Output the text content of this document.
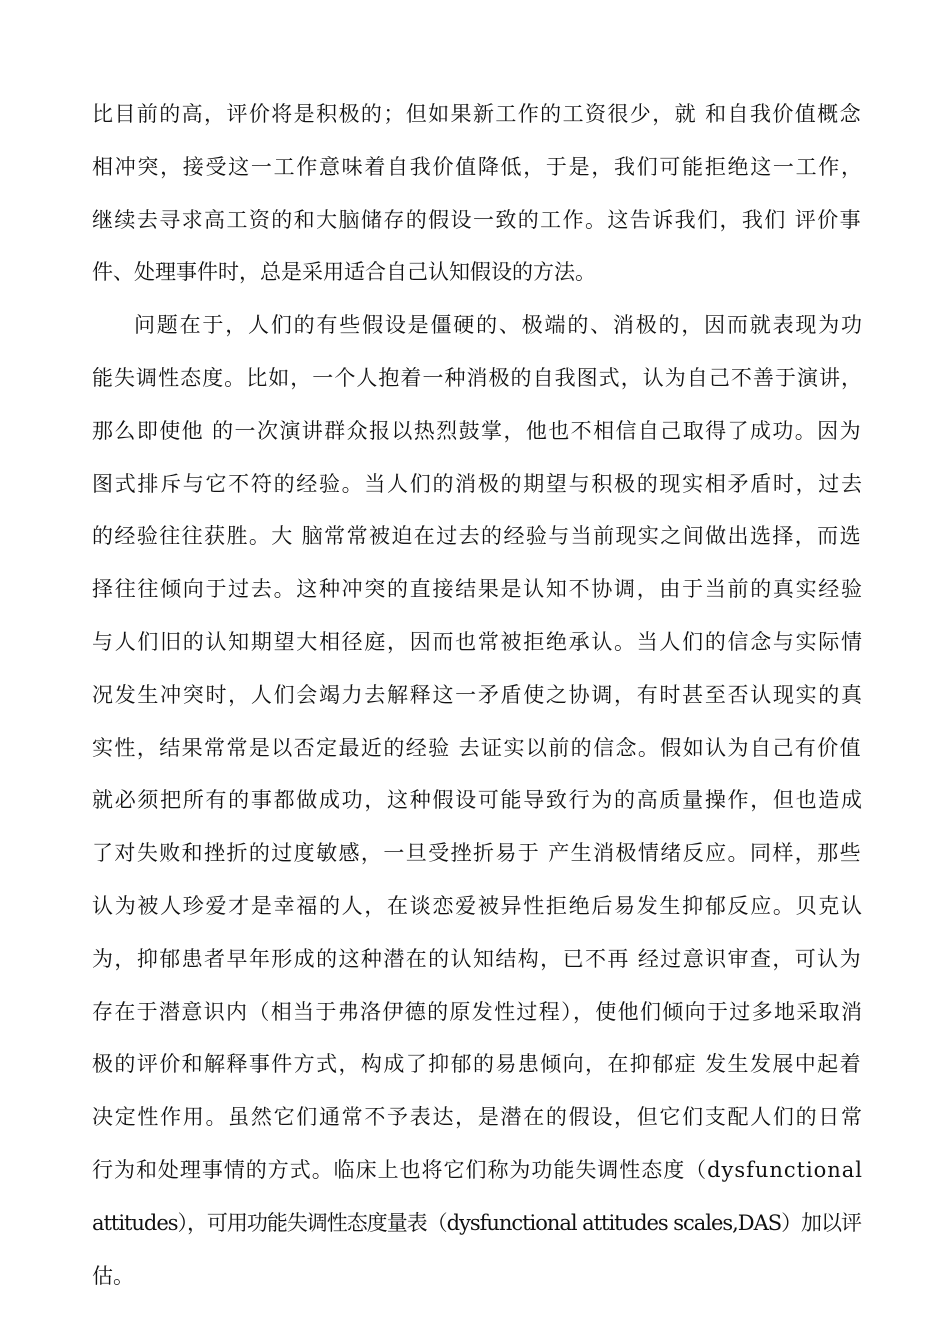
比目前的高，评价将是积极的；但如果新工作的工资很少，就 和自我价值概念
相冲突，接受这一工作意味着自我价值降低，于是，我们可能拒绝这一工作，
继续去寻求高工资的和大脑储存的假设一致的工作。这告诉我们，我们 评价事
件、处理事件时，总是采用适合自己认知假设的方法。
问题在于，人们的有些假设是僵硬的、极端的、消极的，因而就表现为功
能失调性态度。比如，一个人抱着一种消极的自我图式，认为自己不善于演讲，
那么即使他 的一次演讲群众报以热烈鼓掌，他也不相信自己取得了成功。因为
图式排斥与它不符的经验。当人们的消极的期望与积极的现实相矛盾时，过去
的经验往往获胜。大 脑常常被迫在过去的经验与当前现实之间做出选择，而选
择往往倾向于过去。这种冲突的直接结果是认知不协调，由于当前的真实经验
与人们旧的认知期望大相径庭，因而也常被拒绝承认。当人们的信念与实际情
况发生冲突时，人们会竭力去解释这一矛盾使之协调，有时甚至否认现实的真
实性，结果常常是以否定最近的经验 去证实以前的信念。假如认为自己有价值
就必须把所有的事都做成功，这种假设可能导致行为的高质量操作，但也造成
了对失败和挫折的过度敏感，一旦受挫折易于 产生消极情绪反应。同样，那些
认为被人珍爱才是幸福的人，在谈恋爱被异性拒绝后易发生抑郁反应。贝克认
为，抑郁患者早年形成的这种潜在的认知结构，已不再 经过意识审查，可认为
存在于潜意识内（相当于弗洛伊德的原发性过程），使他们倾向于过多地采取消
极的评价和解释事件方式，构成了抑郁的易患倾向，在抑郁症 发生发展中起着
决定性作用。虽然它们通常不予表达，是潜在的假设，但它们支配人们的日常
行为和处理事情的方式。临床上也将它们称为功能失调性态度（dysfunctional
attitudes），可用功能失调性态度量表（dysfunctional attitudes scales,DAS）加以评
估。
